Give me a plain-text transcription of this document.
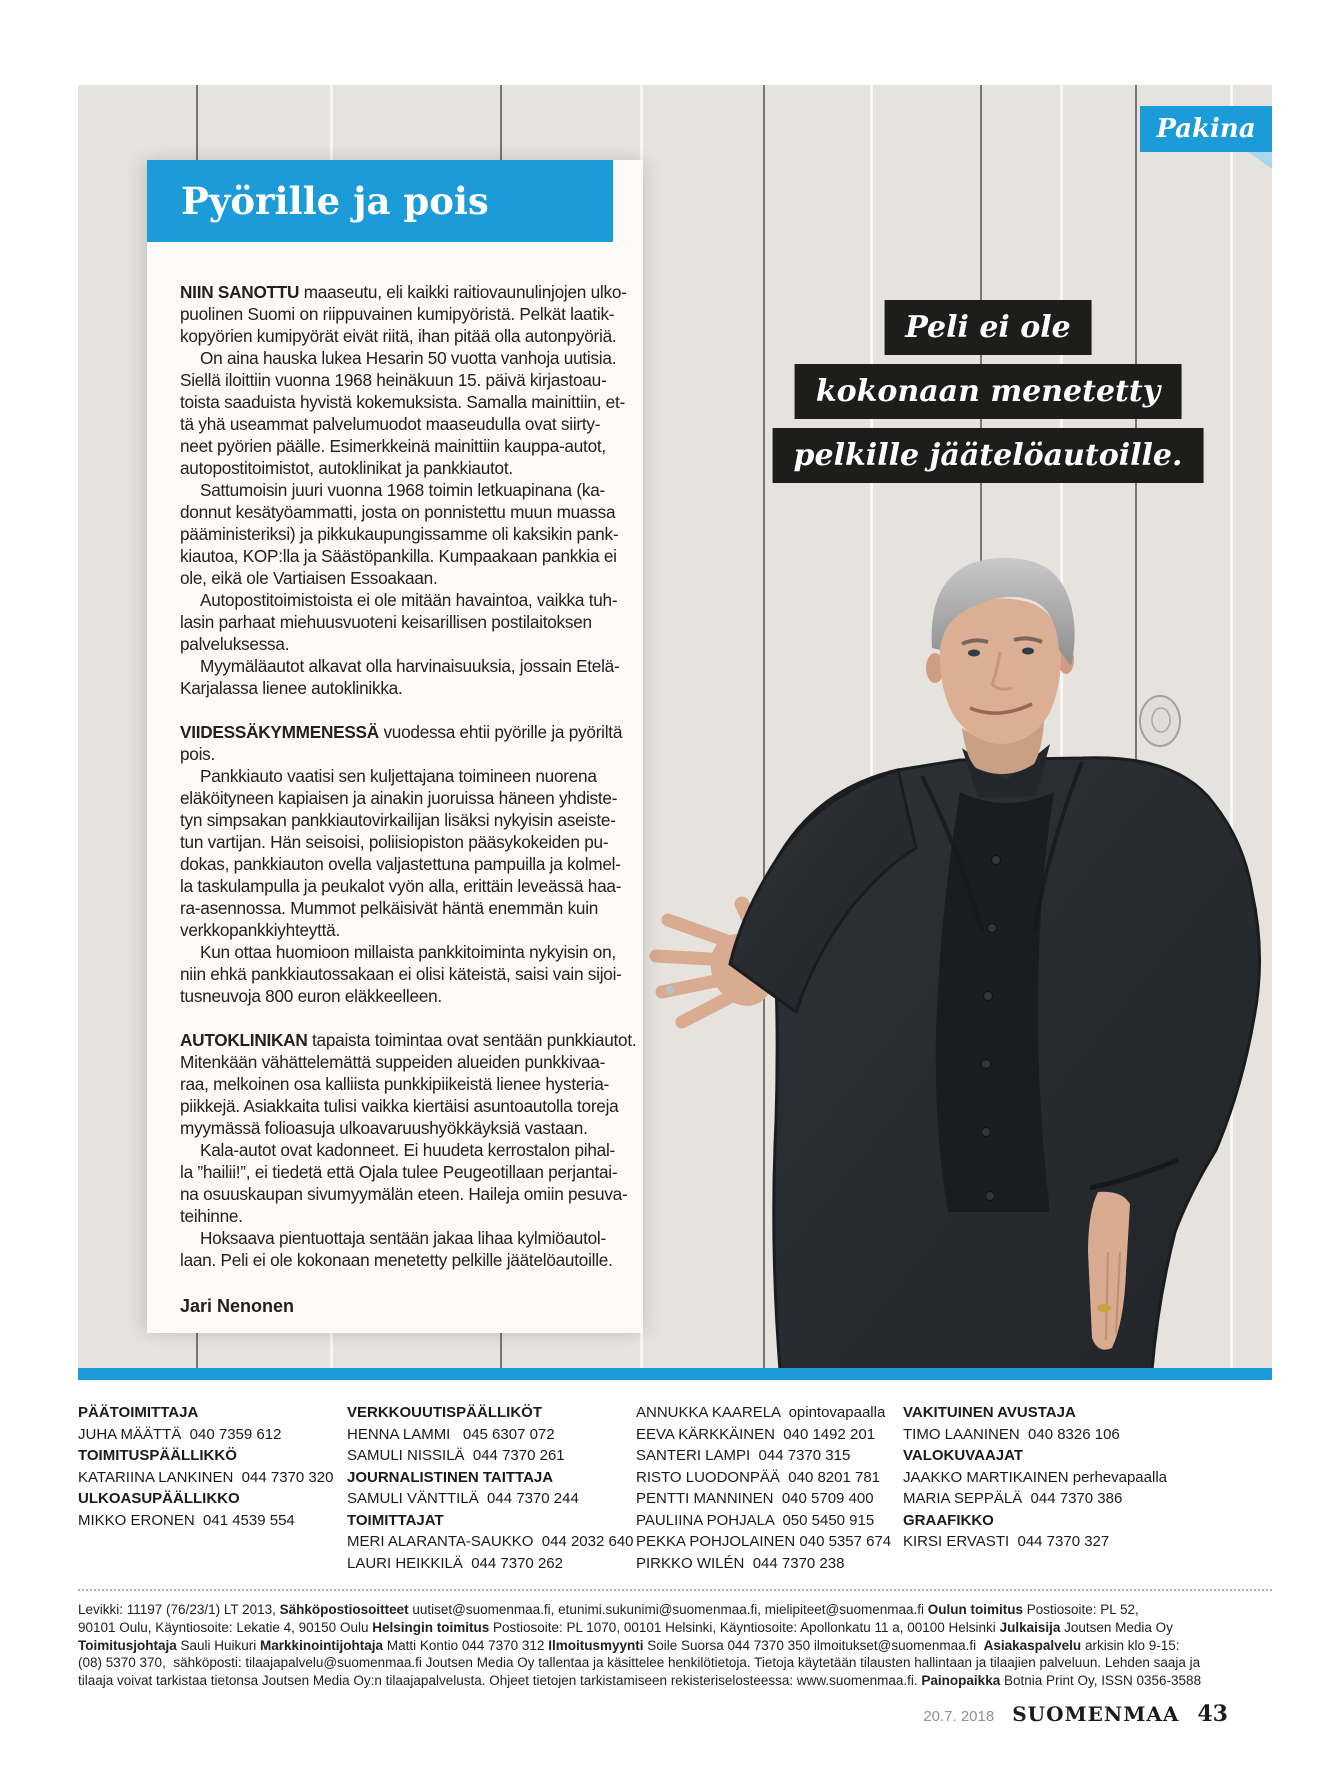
Pyörille ja pois
Pakina
Peli ei ole
kokonaan menetetty
pelkille jäätelöautoille.
NIIN SANOTTU maaseutu, eli kaikki raitiovaunulinjojen ulko-
puolinen Suomi on riippuvainen kumipyöristä. Pelkät laatik-
kopyörien kumipyörät eivät riitä, ihan pitää olla autonpyöriä.
On aina hauska lukea Hesarin 50 vuotta vanhoja uutisia.
Siellä iloittiin vuonna 1968 heinäkuun 15. päivä kirjastoau-
toista saaduista hyvistä kokemuksista. Samalla mainittiin, et-
tä yhä useammat palvelumuodot maaseudulla ovat siirty-
neet pyörien päälle. Esimerkkeinä mainittiin kauppa-autot,
autopostitoimistot, autoklinikat ja pankkiautot.
Sattumoisin juuri vuonna 1968 toimin letkuapinana (ka-
donnut kesätyöammatti, josta on ponnistettu muun muassa
pääministeriksi) ja pikkukaupungissamme oli kaksikin pank-
kiautoa, KOP:lla ja Säästöpankilla. Kumpaakaan pankkia ei
ole, eikä ole Vartiaisen Essoakaan.
Autopostitoimistoista ei ole mitään havaintoa, vaikka tuh-
lasin parhaat miehuusvuoteni keisarillisen postilaitoksen
palveluksessa.
Myymäläautot alkavat olla harvinaisuuksia, jossain Etelä-
Karjalassa lienee autoklinikka.
VIIDESSÄKYMMENESSÄ vuodessa ehtii pyörille ja pyöriltä
pois.
Pankkiauto vaatisi sen kuljettajana toimineen nuorena
eläköityneen kapiaisen ja ainakin juoruissa häneen yhdiste-
tyn simpsakan pankkiautovirkailijan lisäksi nykyisin aseiste-
tun vartijan. Hän seisoisi, poliisiopiston pääsykokeiden pu-
dokas, pankkiauton ovella valjastettuna pampuilla ja kolmel-
la taskulampulla ja peukalot vyön alla, erittäin leveässä haa-
ra-asennossa. Mummot pelkäisivät häntä enemmän kuin
verkkopankkiyhteyttä.
Kun ottaa huomioon millaista pankkitoiminta nykyisin on,
niin ehkä pankkiautossakaan ei olisi käteistä, saisi vain sijoi-
tusneuvoja 800 euron eläkkeelleen.
AUTOKLINIKAN tapaista toimintaa ovat sentään punkkiautot.
Mitenkään vähättelemättä suppeiden alueiden punkkivaa-
raa, melkoinen osa kalliista punkkipiikeistä lienee hysteria-
piikkejä. Asiakkaita tulisi vaikka kiertäisi asuntoautolla toreja
myymässä folioasuja ulkoavaruushyökkäyksiä vastaan.
Kala-autot ovat kadonneet. Ei huudeta kerrostalon pihal-
la ”hailii!”, ei tiedetä että Ojala tulee Peugeotillaan perjantai-
na osuuskaupan sivumyymälän eteen. Haileja omiin pesuva-
teihinne.
Hoksaava pientuottaja sentään jakaa lihaa kylmiöautol-
laan. Peli ei ole kokonaan menetetty pelkille jäätelöautoille.
Jari Nenonen
PÄÄTOIMITTAJA
JUHA MÄÄTTÄ  040 7359 612
TOIMITUSPÄÄLLIKKÖ
KATARIINA LANKINEN  044 7370 320
ULKOASUPÄÄLLIKKO
MIKKO ERONEN  041 4539 554
VERKKOUUTISPÄÄLLIKÖT
HENNA LAMMI   045 6307 072
SAMULI NISSILÄ  044 7370 261
JOURNALISTINEN TAITTAJA
SAMULI VÄNTTILÄ  044 7370 244
TOIMITTAJAT
MERI ALARANTA-SAUKKO  044 2032 640
LAURI HEIKKILÄ  044 7370 262
ANNUKKA KAARELA  opintovapaalla
EEVA KÄRKKÄINEN  040 1492 201
SANTERI LAMPI  044 7370 315
RISTO LUODONPÄÄ  040 8201 781
PENTTI MANNINEN  040 5709 400
PAULIINA POHJALA  050 5450 915
PEKKA POHJOLAINEN 040 5357 674
PIRKKO WILÉN  044 7370 238
VAKITUINEN AVUSTAJA
TIMO LAANINEN  040 8326 106
VALOKUVAAJAT
JAAKKO MARTIKAINEN perhevapaalla
MARIA SEPPÄLÄ  044 7370 386
GRAAFIKKO
KIRSI ERVASTI  044 7370 327
Levikki: 11197 (76/23/1) LT 2013, Sähköpostiosoitteet uutiset@suomenmaa.fi, etunimi.sukunimi@suomenmaa.fi, mielipiteet@suomenmaa.fi Oulun toimitus Postiosoite: PL 52,
90101 Oulu, Käyntiosoite: Lekatie 4, 90150 Oulu Helsingin toimitus Postiosoite: PL 1070, 00101 Helsinki, Käyntiosoite: Apollonkatu 11 a, 00100 Helsinki Julkaisija Joutsen Media Oy
Toimitusjohtaja Sauli Huikuri Markkinointijohtaja Matti Kontio 044 7370 312 Ilmoitusmyynti Soile Suorsa 044 7370 350 ilmoitukset@suomenmaa.fi  Asiakaspalvelu arkisin klo 9-15:
(08) 5370 370,  sähköposti: tilaajapalvelu@suomenmaa.fi Joutsen Media Oy tallentaa ja käsittelee henkilötietoja. Tietoja käytetään tilausten hallintaan ja tilaajien palveluun. Lehden saaja ja
tilaaja voivat tarkistaa tietonsa Joutsen Media Oy:n tilaajapalvelusta. Ohjeet tietojen tarkistamiseen rekisteriselosteessa: www.suomenmaa.fi. Painopaikka Botnia Print Oy, ISSN 0356-3588
20.7. 2018 SUOMENMAA 43
